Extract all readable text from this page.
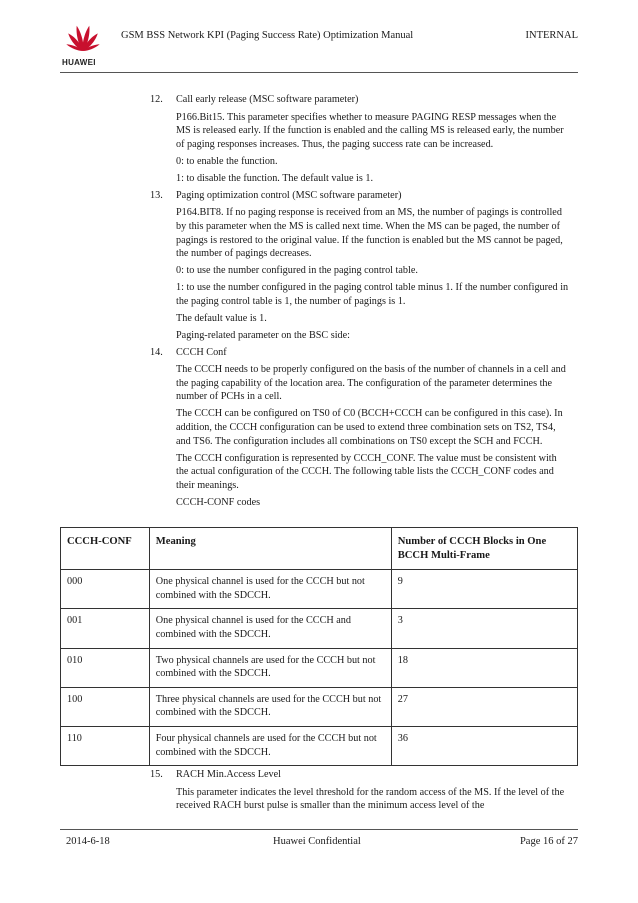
HUAWEI
GSM BSS Network KPI (Paging Success Rate) Optimization Manual	INTERNAL
12.	Call early release (MSC software parameter)

P166.Bit15. This parameter specifies whether to measure PAGING RESP messages when the MS is released early. If the function is enabled and the calling MS is released early, the number of paging responses increases. Thus, the paging success rate can be increased.

0: to enable the function.

1: to disable the function. The default value is 1.

13.	Paging optimization control (MSC software parameter)

P164.BIT8. If no paging response is received from an MS, the number of pagings is controlled by this parameter when the MS is called next time. When the MS can be paged, the number of pagings is restored to the original value. If the function is enabled but the MS cannot be paged, the number of pagings decreases.

0: to use the number configured in the paging control table.

1: to use the number configured in the paging control table minus 1. If the number configured in the paging control table is 1, the number of pagings is 1.

The default value is 1.

Paging-related parameter on the BSC side:

14.	CCCH Conf

The CCCH needs to be properly configured on the basis of the number of channels in a cell and the paging capability of the location area. The configuration of the parameter determines the number of PCHs in a cell.

The CCCH can be configured on TS0 of C0 (BCCH+CCCH can be configured in this case). In addition, the CCCH configuration can be used to extend three combination sets on TS2, TS4, and TS6. The configuration includes all combinations on TS0 except the SCH and FCCH.

The CCCH configuration is represented by CCCH_CONF. The value must be consistent with the actual configuration of the CCCH. The following table lists the CCCH_CONF codes and their meanings.

CCCH-CONF codes

CCCH-CONF	Meaning	Number of CCCH Blocks in One BCCH Multi-Frame
000	One physical channel is used for the CCCH but not combined with the SDCCH.	9
001	One physical channel is used for the CCCH and combined with the SDCCH.	3
010	Two physical channels are used for the CCCH but not combined with the SDCCH.	18
100	Three physical channels are used for the CCCH but not combined with the SDCCH.	27
110	Four physical channels are used for the CCCH but not combined with the SDCCH.	36
15.	RACH Min.Access Level

This parameter indicates the level threshold for the random access of the MS. If the level of the received RACH burst pulse is smaller than the minimum access level of the

2014-6-18	Huawei Confidential	Page 16 of 27
